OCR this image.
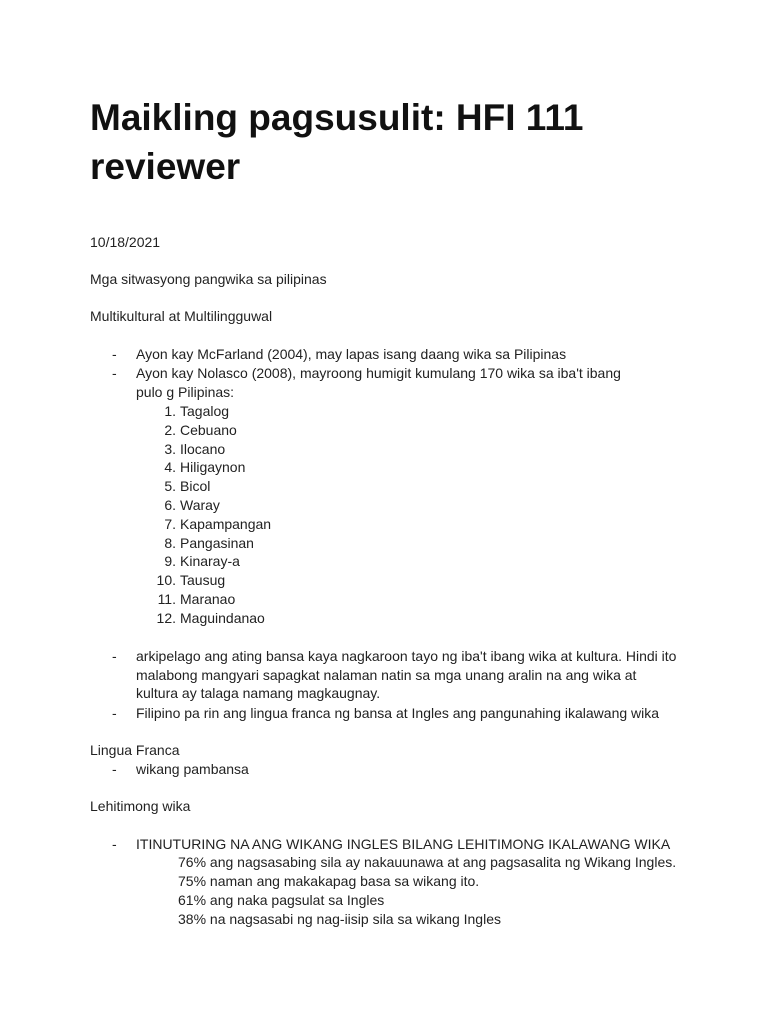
Maikling pagsusulit: HFI 111 reviewer
10/18/2021
Mga sitwasyong pangwika sa pilipinas
Multikultural at Multilingguwal
- Ayon kay McFarland (2004), may lapas isang daang wika sa Pilipinas
- Ayon kay Nolasco (2008), mayroong humigit kumulang 170 wika sa iba't ibang pulo g Pilipinas:
1. Tagalog
2. Cebuano
3. Ilocano
4. Hiligaynon
5. Bicol
6. Waray
7. Kapampangan
8. Pangasinan
9. Kinaray-a
10. Tausug
11. Maranao
12. Maguindanao
- arkipelago ang ating bansa kaya nagkaroon tayo ng iba't ibang wika at kultura. Hindi ito malabong mangyari sapagkat nalaman natin sa mga unang aralin na ang wika at kultura ay talaga namang magkaugnay.
- Filipino pa rin ang lingua franca ng bansa at Ingles ang pangunahing ikalawang wika
Lingua Franca
- wikang pambansa
Lehitimong wika
- ITINUTURING NA ANG WIKANG INGLES BILANG LEHITIMONG IKALAWANG WIKA
76% ang nagsasabing sila ay nakauunawa at ang pagsasalita ng Wikang Ingles.
75% naman ang makakapag basa sa wikang ito.
61% ang naka pagsulat sa Ingles
38% na nagsasabi ng nag-iisip sila sa wikang Ingles
